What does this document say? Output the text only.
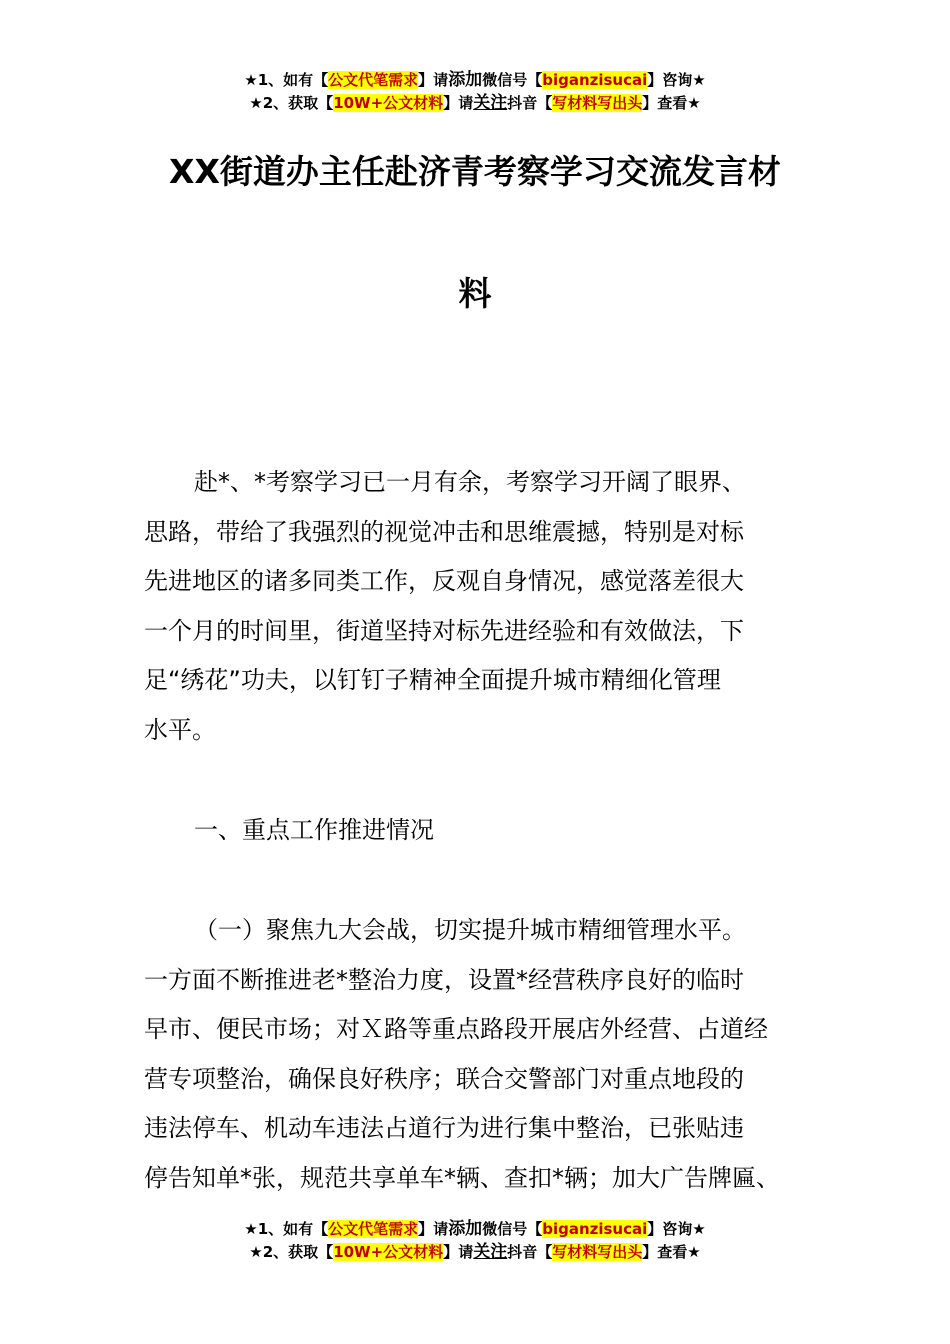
★1、如有【公文代笔需求】请添加微信号【biganzisucai】咨询★
★2、获取【10W+公文材料】请关注抖音【写材料写出头】查看★
XX街道办主任赴济青考察学习交流发言材
料
赴*、*考察学习已一月有余，考察学习开阔了眼界、
思路，带给了我强烈的视觉冲击和思维震撼，特别是对标
先进地区的诸多同类工作，反观自身情况，感觉落差很大
一个月的时间里，街道坚持对标先进经验和有效做法，下
足“绣花”功夫，以钉钉子精神全面提升城市精细化管理
水平。
一、重点工作推进情况
（一）聚焦九大会战，切实提升城市精细管理水平。
一方面不断推进老*整治力度，设置*经营秩序良好的临时
早市、便民市场；对Ｘ路等重点路段开展店外经营、占道经
营专项整治，确保良好秩序；联合交警部门对重点地段的
违法停车、机动车违法占道行为进行集中整治，已张贴违
停告知单*张，规范共享单车*辆、查扣*辆；加大广告牌匾、
★1、如有【公文代笔需求】请添加微信号【biganzisucai】咨询★
★2、获取【10W+公文材料】请关注抖音【写材料写出头】查看★
